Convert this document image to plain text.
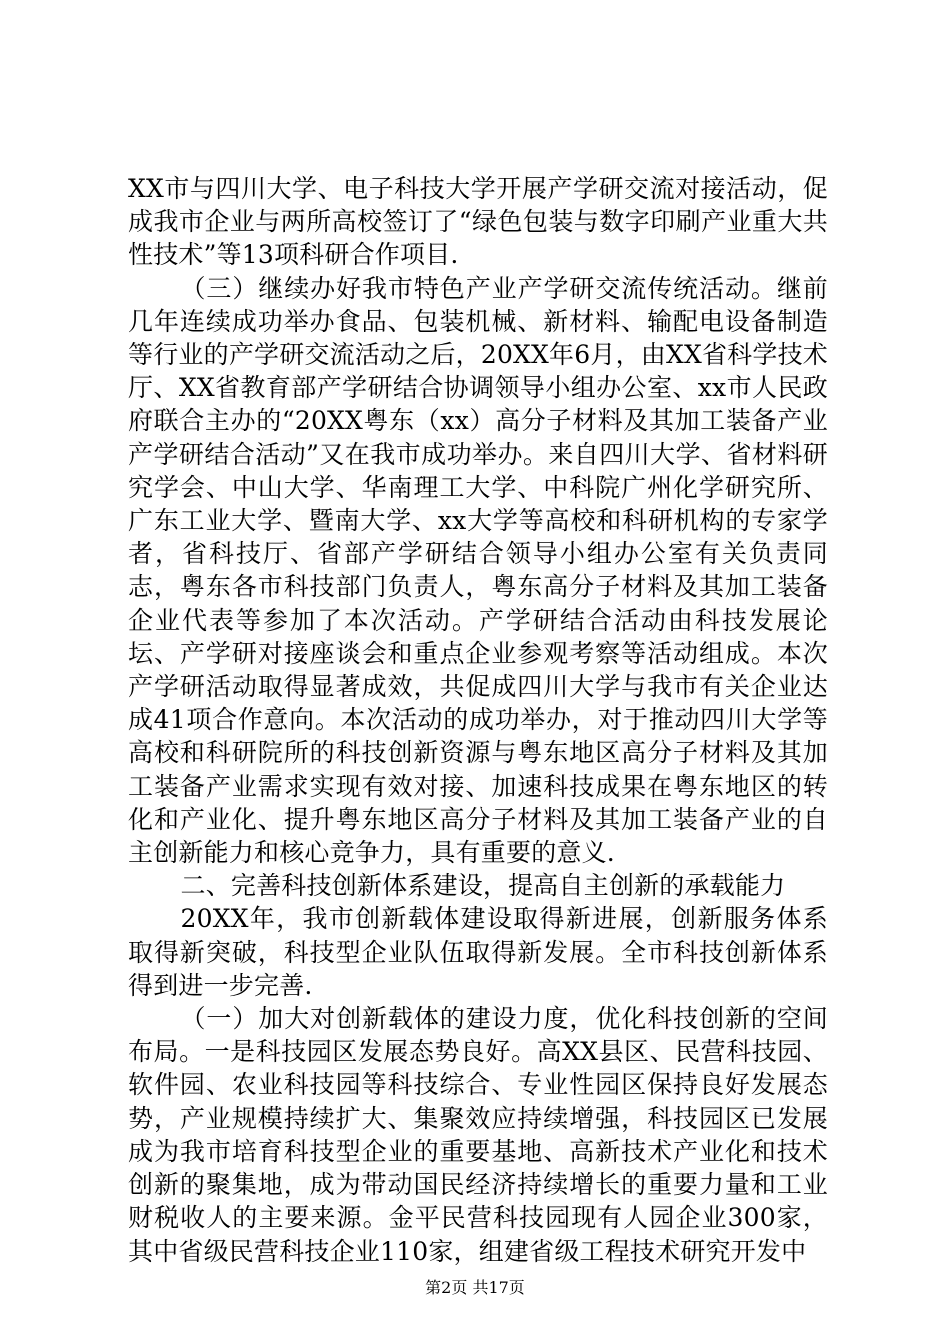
XX市与四川大学、电子科技大学开展产学研交流对接活动，促成我市企业与两所高校签订了“绿色包装与数字印刷产业重大共性技术”等13项科研合作项目.

（三）继续办好我市特色产业产学研交流传统活动。继前几年连续成功举办食品、包装机械、新材料、输配电设备制造等行业的产学研交流活动之后，20XX年6月，由XX省科学技术厅、XX省教育部产学研结合协调领导小组办公室、xx市人民政府联合主办的“20XX粤东（xx）高分子材料及其加工装备产业产学研结合活动”又在我市成功举办。来自四川大学、省材料研究学会、中山大学、华南理工大学、中科院广州化学研究所、广东工业大学、暨南大学、xx大学等高校和科研机构的专家学者，省科技厅、省部产学研结合领导小组办公室有关负责同志，粤东各市科技部门负责人，粤东高分子材料及其加工装备企业代表等参加了本次活动。产学研结合活动由科技发展论坛、产学研对接座谈会和重点企业参观考察等活动组成。本次产学研活动取得显著成效，共促成四川大学与我市有关企业达成41项合作意向。本次活动的成功举办，对于推动四川大学等高校和科研院所的科技创新资源与粤东地区高分子材料及其加工装备产业需求实现有效对接、加速科技成果在粤东地区的转化和产业化、提升粤东地区高分子材料及其加工装备产业的自主创新能力和核心竞争力，具有重要的意义.

二、完善科技创新体系建设，提高自主创新的承载能力

20XX年，我市创新载体建设取得新进展，创新服务体系取得新突破，科技型企业队伍取得新发展。全市科技创新体系得到进一步完善.

（一）加大对创新载体的建设力度，优化科技创新的空间布局。一是科技园区发展态势良好。高XX县区、民营科技园、软件园、农业科技园等科技综合、专业性园区保持良好发展态势，产业规模持续扩大、集聚效应持续增强，科技园区已发展成为我市培育科技型企业的重要基地、高新技术产业化和技术创新的聚集地，成为带动国民经济持续增长的重要力量和工业财税收人的主要来源。金平民营科技园现有人园企业300家，其中省级民营科技企业110家，组建省级工程技术研究开发中

第2页 共17页
